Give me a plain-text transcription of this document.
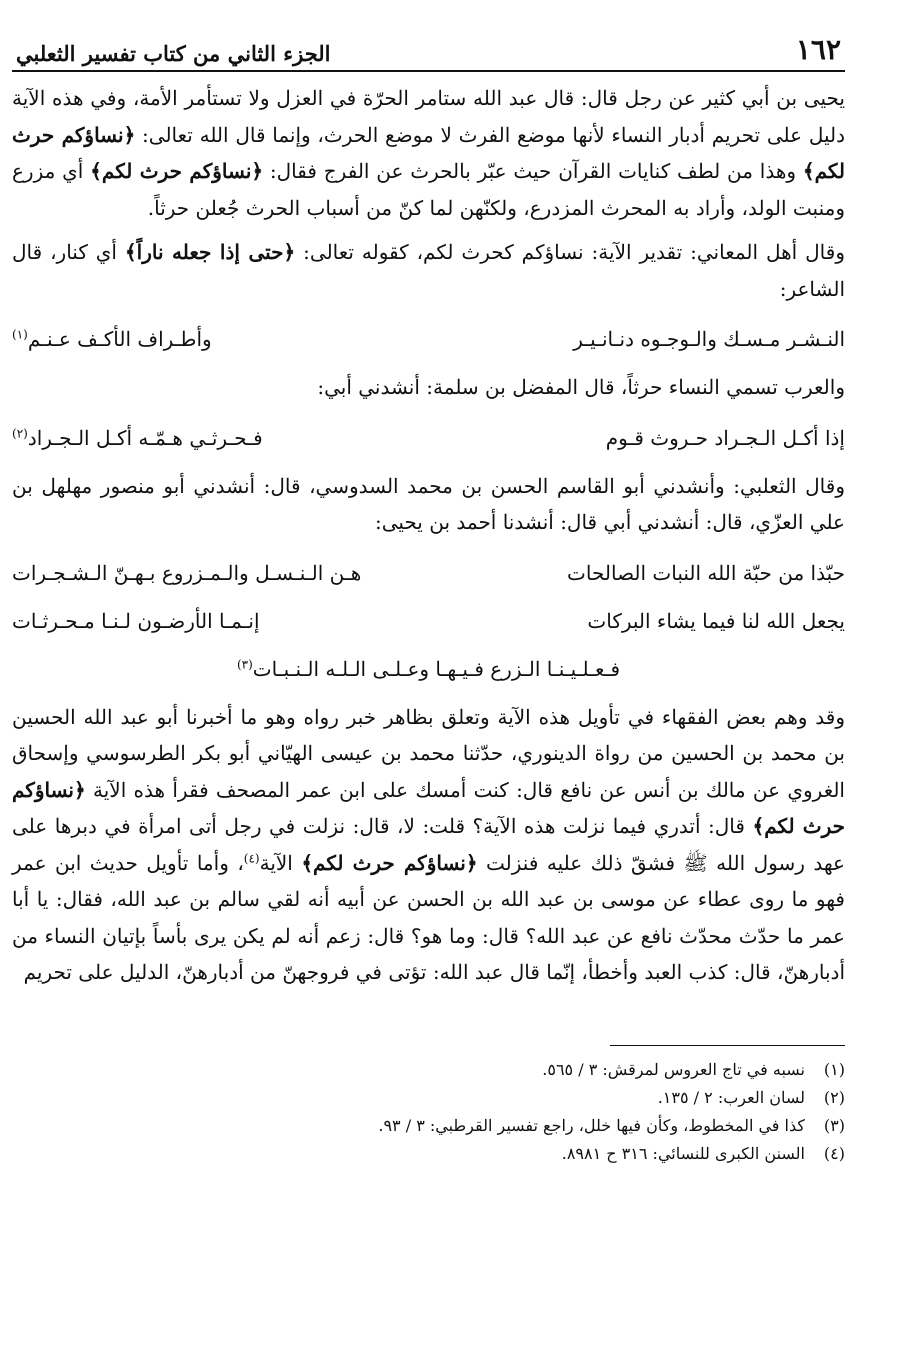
١٦٢
الجزء الثاني من كتاب تفسير الثعلبي

يحيى بن أبي كثير عن رجل قال: قال عبد الله ستامر الحرّة في العزل ولا تستأمر الأمة، وفي هذه الآية دليل على تحريم أدبار النساء لأنها موضع الفرث لا موضع الحرث، وإنما قال الله تعالى: ﴿نساؤكم حرث لكم﴾ وهذا من لطف كنايات القرآن حيث عبّر بالحرث عن الفرج فقال: ﴿نساؤكم حرث لكم﴾ أي مزرع ومنبت الولد، وأراد به المحرث المزدرع، ولكنّهن لما كنّ من أسباب الحرث جُعلن حرثاً.

وقال أهل المعاني: تقدير الآية: نساؤكم كحرث لكم، كقوله تعالى: ﴿حتى إذا جعله ناراً﴾ أي كنار، قال الشاعر:

النـشـر مـسـك والـوجـوه دنـانـيـر
وأطـراف الأكـف عـنـم$^{(١)}$

والعرب تسمي النساء حرثاً، قال المفضل بن سلمة: أنشدني أبي:

إذا أكـل الـجـراد حـروث قـوم
فـحـرثـي هـمّـه أكـل الـجـراد$^{(٢)}$

وقال الثعلبي: وأنشدني أبو القاسم الحسن بن محمد السدوسي، قال: أنشدني أبو منصور مهلهل بن علي العزّي، قال: أنشدني أبي قال: أنشدنا أحمد بن يحيى:

حبّذا من حبّة الله النبات الصالحات
هـن الـنـسـل والـمـزروع بـهـنّ الـشـجـرات
يجعل الله لنا فيما يشاء البركات
إنـمـا الأرضـون لـنـا مـحـرثـات
فـعـلـيـنـا الـزرع فـيـهـا وعـلـى الـلـه الـنـبـات$^{(٣)}$

وقد وهم بعض الفقهاء في تأويل هذه الآية وتعلق بظاهر خبر رواه وهو ما أخبرنا أبو عبد الله الحسين بن محمد بن الحسين من رواة الدينوري، حدّثنا محمد بن عيسى الهيّاني أبو بكر الطرسوسي وإسحاق الغروي عن مالك بن أنس عن نافع قال: كنت أمسك على ابن عمر المصحف فقرأ هذه الآية ﴿نساؤكم حرث لكم﴾ قال: أتدري فيما نزلت هذه الآية؟ قلت: لا، قال: نزلت في رجل أتى امرأة في دبرها على عهد رسول الله ﷺ فشقّ ذلك عليه فنزلت ﴿نساؤكم حرث لكم﴾ الآية$^{(٤)}$، وأما تأويل حديث ابن عمر فهو ما روى عطاء عن موسى بن عبد الله بن الحسن عن أبيه أنه لقي سالم بن عبد الله، فقال: يا أبا عمر ما حدّث محدّث نافع عن عبد الله؟ قال: وما هو؟ قال: زعم أنه لم يكن يرى بأساً بإتيان النساء من أدبارهنّ، قال: كذب العبد وأخطأ، إنّما قال عبد الله: تؤتى في فروجهنّ من أدبارهنّ، الدليل على تحريم

(١)
نسبه في تاج العروس لمرقش: ٣ / ٥٦٥.
(٢)
لسان العرب: ٢ / ١٣٥.
(٣)
كذا في المخطوط، وكأن فيها خلل، راجع تفسير القرطبي: ٣ / ٩٣.
(٤)
السنن الكبرى للنسائي: ٣١٦ ح ٨٩٨١.
